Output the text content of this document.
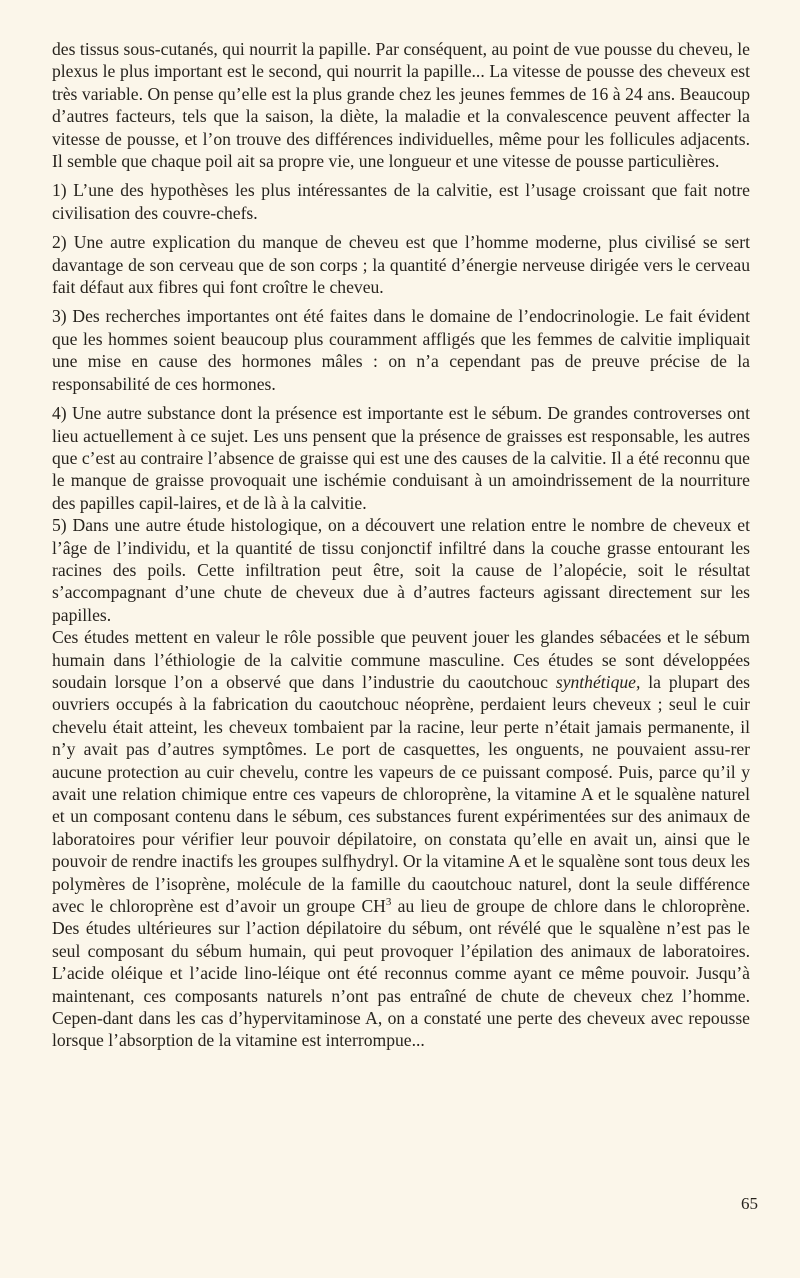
des tissus sous-cutanés, qui nourrit la papille. Par conséquent, au point de vue pousse du cheveu, le plexus le plus important est le second, qui nourrit la papille... La vitesse de pousse des cheveux est très variable. On pense qu’elle est la plus grande chez les jeunes femmes de 16 à 24 ans. Beaucoup d’autres facteurs, tels que la saison, la diète, la maladie et la convalescence peuvent affecter la vitesse de pousse, et l’on trouve des différences individuelles, même pour les follicules adjacents. Il semble que chaque poil ait sa propre vie, une longueur et une vitesse de pousse particulières.

1) L’une des hypothèses les plus intéressantes de la calvitie, est l’usage croissant que fait notre civilisation des couvre-chefs.

2) Une autre explication du manque de cheveu est que l’homme moderne, plus civilisé se sert davantage de son cerveau que de son corps ; la quantité d’énergie nerveuse dirigée vers le cerveau fait défaut aux fibres qui font croître le cheveu.

3) Des recherches importantes ont été faites dans le domaine de l’endocrinologie. Le fait évident que les hommes soient beaucoup plus couramment affligés que les femmes de calvitie impliquait une mise en cause des hormones mâles : on n’a cependant pas de preuve précise de la responsabilité de ces hormones.

4) Une autre substance dont la présence est importante est le sébum. De grandes controverses ont lieu actuellement à ce sujet. Les uns pensent que la présence de graisses est responsable, les autres que c’est au contraire l’absence de graisse qui est une des causes de la calvitie. Il a été reconnu que le manque de graisse provoquait une ischémie conduisant à un amoindrissement de la nourriture des papilles capil-laires, et de là à la calvitie.

5) Dans une autre étude histologique, on a découvert une relation entre le nombre de cheveux et l’âge de l’individu, et la quantité de tissu conjonctif infiltré dans la couche grasse entourant les racines des poils. Cette infiltration peut être, soit la cause de l’alopécie, soit le résultat s’accompagnant d’une chute de cheveux due à d’autres facteurs agissant directement sur les papilles.

Ces études mettent en valeur le rôle possible que peuvent jouer les glandes sébacées et le sébum humain dans l’éthiologie de la calvitie commune masculine. Ces études se sont développées soudain lorsque l’on a observé que dans l’industrie du caoutchouc synthétique, la plupart des ouvriers occupés à la fabrication du caoutchouc néoprène, perdaient leurs cheveux ; seul le cuir chevelu était atteint, les cheveux tombaient par la racine, leur perte n’était jamais permanente, il n’y avait pas d’autres symptômes. Le port de casquettes, les onguents, ne pouvaient assu-rer aucune protection au cuir chevelu, contre les vapeurs de ce puissant composé. Puis, parce qu’il y avait une relation chimique entre ces vapeurs de chloroprène, la vitamine A et le squalène naturel et un composant contenu dans le sébum, ces substances furent expérimentées sur des animaux de laboratoires pour vérifier leur pouvoir dépilatoire, on constata qu’elle en avait un, ainsi que le pouvoir de rendre inactifs les groupes sulfhydryl. Or la vitamine A et le squalène sont tous deux les polymères de l’isoprène, molécule de la famille du caoutchouc naturel, dont la seule différence avec le chloroprène est d’avoir un groupe $CH^3$ au lieu de groupe de chlore dans le chloroprène. Des études ultérieures sur l’action dépilatoire du sébum, ont révélé que le squalène n’est pas le seul composant du sébum humain, qui peut provoquer l’épilation des animaux de laboratoires. L’acide oléique et l’acide lino-léique ont été reconnus comme ayant ce même pouvoir. Jusqu’à maintenant, ces composants naturels n’ont pas entraîné de chute de cheveux chez l’homme. Cepen-dant dans les cas d’hypervitaminose A, on a constaté une perte des cheveux avec repousse lorsque l’absorption de la vitamine est interrompue...

65
